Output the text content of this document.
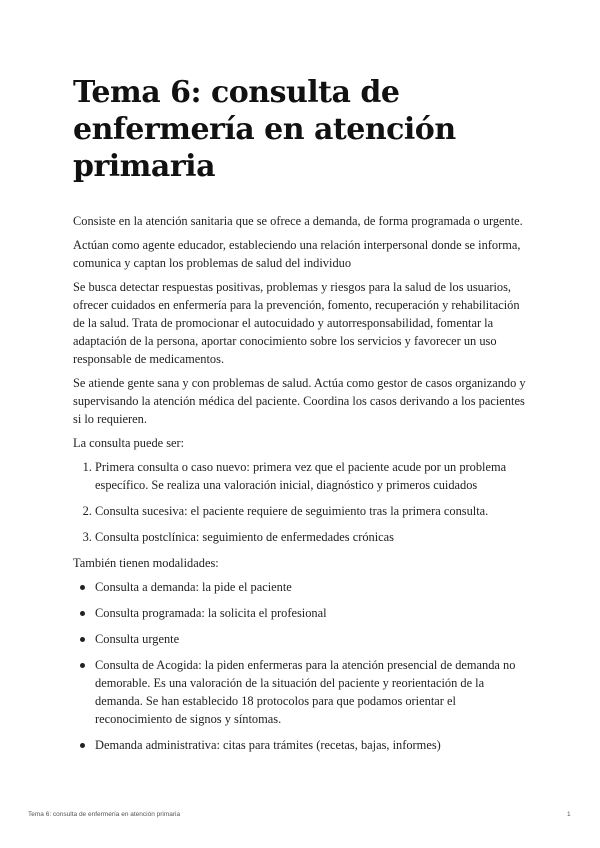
Tema 6: consulta de enfermería en atención primaria

Consiste en la atención sanitaria que se ofrece a demanda, de forma programada o urgente.

Actúan como agente educador, estableciendo una relación interpersonal donde se informa, comunica y captan los problemas de salud del individuo

Se busca detectar respuestas positivas, problemas y riesgos para la salud de los usuarios, ofrecer cuidados en enfermería para la prevención, fomento, recuperación y rehabilitación de la salud. Trata de promocionar el autocuidado y autorresponsabilidad, fomentar la adaptación de la persona, aportar conocimiento sobre los servicios y favorecer un uso responsable de medicamentos.

Se atiende gente sana y con problemas de salud. Actúa como gestor de casos organizando y supervisando la atención médica del paciente. Coordina los casos derivando a los pacientes si lo requieren.

La consulta puede ser:

1. Primera consulta o caso nuevo: primera vez que el paciente acude por un problema específico. Se realiza una valoración inicial, diagnóstico y primeros cuidados
2. Consulta sucesiva: el paciente requiere de seguimiento tras la primera consulta.
3. Consulta postclínica: seguimiento de enfermedades crónicas

También tienen modalidades:

Consulta a demanda: la pide el paciente
Consulta programada: la solicita el profesional
Consulta urgente
Consulta de Acogida: la piden enfermeras para la atención presencial de demanda no demorable. Es una valoración de la situación del paciente y reorientación de la demanda. Se han establecido 18 protocolos para que podamos orientar el reconocimiento de signos y síntomas.
Demanda administrativa: citas para trámites (recetas, bajas, informes)
Tema 6: consulta de enfermería en atención primaria	1
